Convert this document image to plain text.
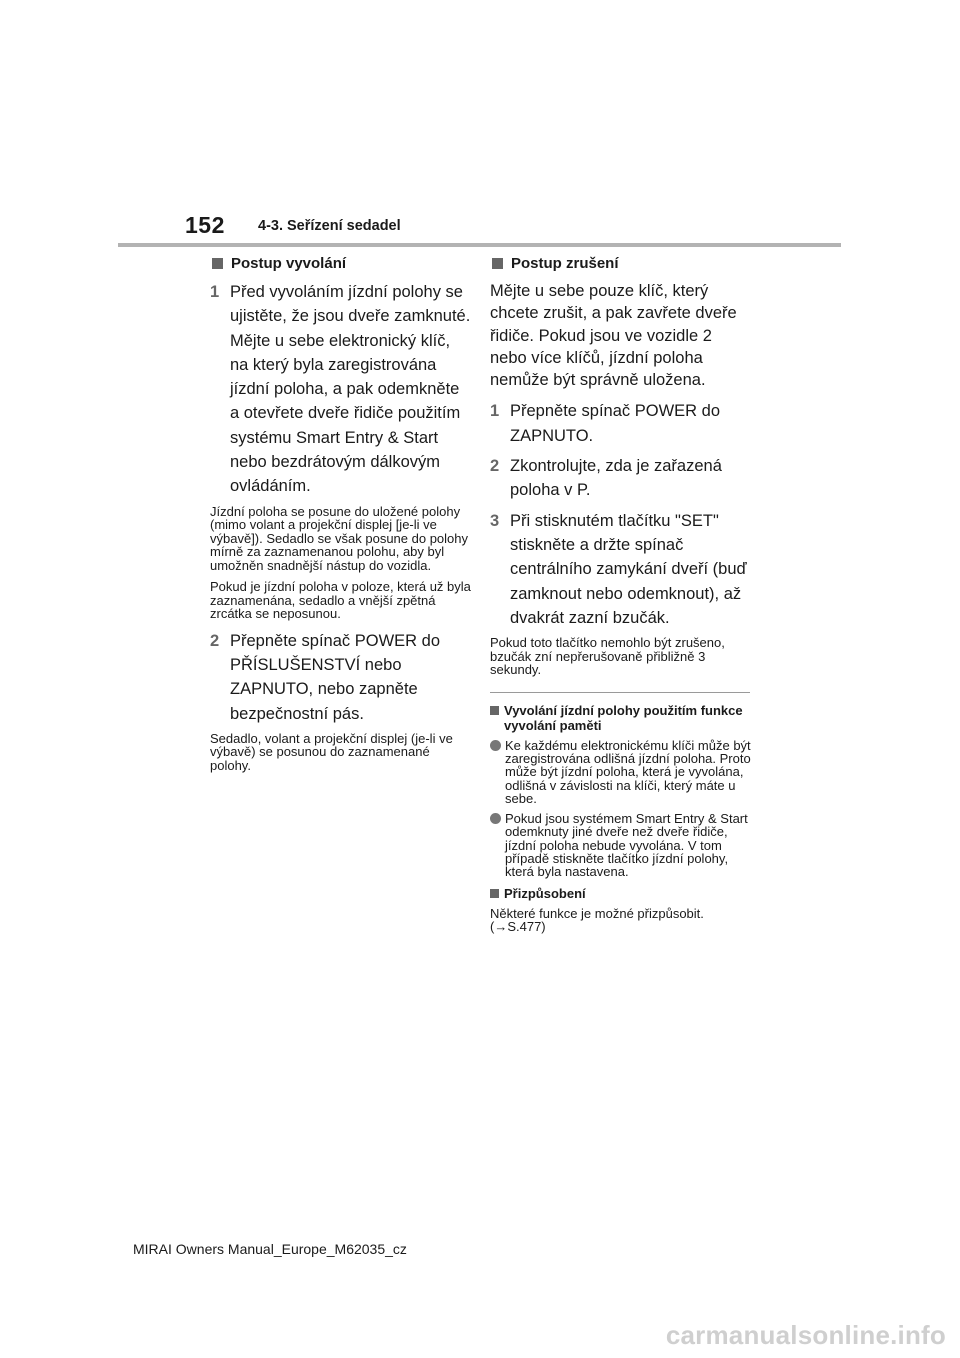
152 4-3. Seřízení sedadel
Postup vyvolání
1 Před vyvoláním jízdní polohy se ujistěte, že jsou dveře zamknuté. Mějte u sebe elektronický klíč, na který byla zaregistrována jízdní poloha, a pak odemkněte a otevřete dveře řidiče použitím systému Smart Entry & Start nebo bezdrátovým dálkovým ovládáním.

Jízdní poloha se posune do uložené polohy (mimo volant a projekční displej [je-li ve výbavě]). Sedadlo se však posune do polohy mírně za zaznamenanou polohu, aby byl umožněn snadnější nástup do vozidla.

Pokud je jízdní poloha v poloze, která už byla zaznamenána, sedadlo a vnější zpětná zrcátka se neposunou.

2 Přepněte spínač POWER do PŘÍSLUŠENSTVÍ nebo ZAPNUTO, nebo zapněte bezpečnostní pás.

Sedadlo, volant a projekční displej (je-li ve výbavě) se posunou do zaznamenané polohy.

Postup zrušení

Mějte u sebe pouze klíč, který chcete zrušit, a pak zavřete dveře řidiče. Pokud jsou ve vozidle 2 nebo více klíčů, jízdní poloha nemůže být správně uložena.

1 Přepněte spínač POWER do ZAPNUTO.
2 Zkontrolujte, zda je zařazená poloha v P.
3 Při stisknutém tlačítku "SET" stiskněte a držte spínač centrálního zamykání dveří (buď zamknout nebo odemknout), až dvakrát zazní bzučák.

Pokud toto tlačítko nemohlo být zrušeno, bzučák zní nepřerušovaně přibližně 3 sekundy.

Vyvolání jízdní polohy použitím funkce vyvolání paměti
Ke každému elektronickému klíči může být zaregistrována odlišná jízdní poloha. Proto může být jízdní poloha, která je vyvolána, odlišná v závislosti na klíči, který máte u sebe.
Pokud jsou systémem Smart Entry & Start odemknuty jiné dveře než dveře řidiče, jízdní poloha nebude vyvolána. V tom případě stiskněte tlačítko jízdní polohy, která byla nastavena.
Přizpůsobení

Některé funkce je možné přizpůsobit.
(→S.477)

MIRAI Owners Manual_Europe_M62035_cz
carmanualsonline.info
